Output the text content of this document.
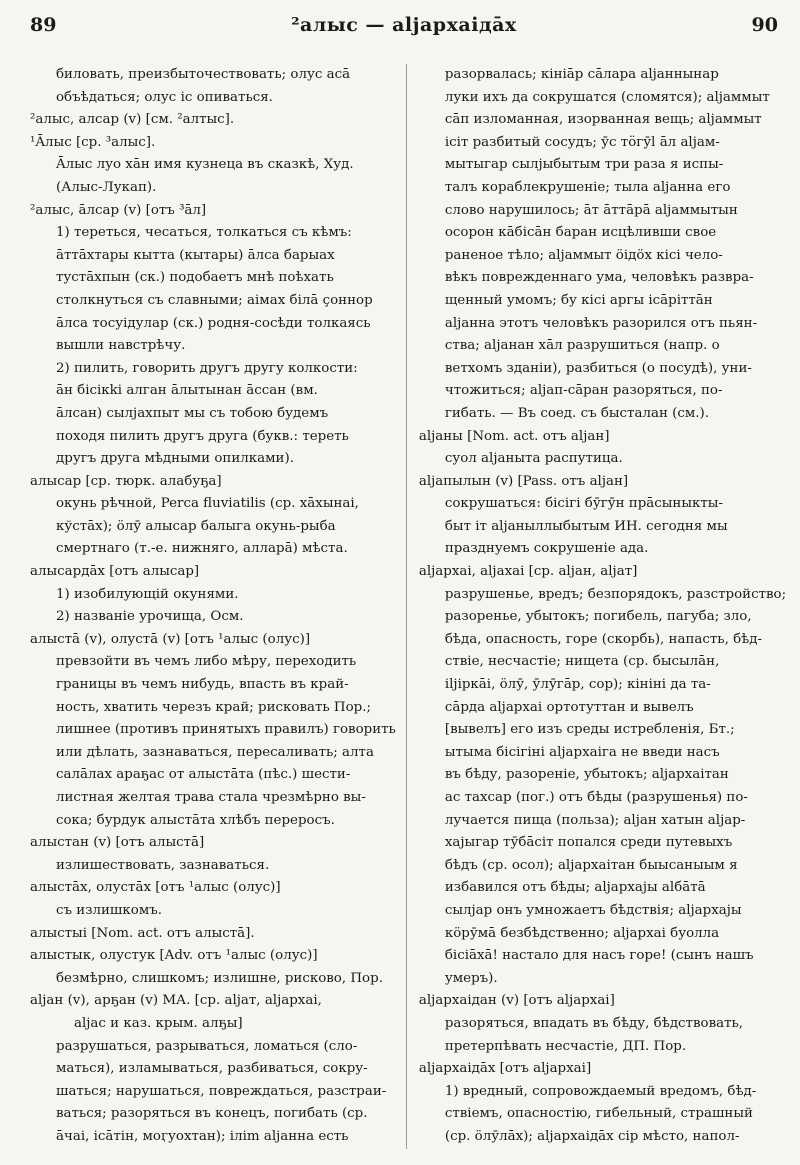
89	²алыс — аlјархаiдāх	90
биловать, преизбыточествовать; олус асā
объѣдаться; олус іс опиваться.
²алыс, алсар (v) [см. ²алтыс].
¹Āлыс [ср. ³алыс].
Āлыс луо хāн имя кузнеца въ сказкѣ, Худ.
(Алыс-Лукап).
²алыс, āлсар (v) [отъ ³āл]
1) тереться, чесаться, толкаться съ кѣмъ:
āттāхтары кытта (кытары) āлса барыах
тустāхпын (ск.) подобаетъ мнѣ поѣхать
столкнуться съ славными; аімах білā ҫоннор
āлса тосуідулар (ск.) родня-сосѣди толкаясь
вышли навстрѣчу.
2) пилить, говорить другъ другу колкости:
āн бісікkі алган āлытынан āссан (вм.
āлсан) сылјахпыт мы съ тобою будемъ
походя пилить другъ друга (букв.: тереть
другъ друга мѣдными опилками).
алысар [ср. тюрк. алабуҕа]
окунь рѣчной, Perca fluviatilis (ср. хāхынаі,
кўстāх); öлӯ алысар балыга окунь-рыба
смертнаго (т.-е. нижняго, алларā) мѣста.
алысардāх [отъ алысар]
1) изобилующій окунями.
2) названіе урочища, Осм.
алыстā (v), олустā (v) [отъ ¹алыс (олус)]
превзойти въ чемъ либо мѣру, переходить
границы въ чемъ нибудь, впасть въ край-
ность, хватить черезъ край; рисковать Пор.;
лишнее (противъ принятыхъ правилъ) говорить
или дѣлать, зазнаваться, пересаливать; алта
салāлах араҕас от алыстāта (пѣс.) шести-
листная желтая трава стала чрезмѣрно вы-
сока; бурдук алыстāта хлѣбъ переросъ.
алыстан (v) [отъ алыстā]
излишествовать, зазнаваться.
алыстāх, олустāх [отъ ¹алыс (олус)]
съ излишкомъ.
алыстыі [Nom. act. отъ алыстā].
алыстык, олустук [Adv. отъ ¹алыс (олус)]
безмѣрно, слишкомъ; излишне, рисково, Пор.
аlјан (v), арҕан (v) МА. [ср. аlјат, аlјархаі,
аlјас и каз. крым. алҕы]
разрушаться, разрываться, ломаться (сло-
маться), изламываться, разбиваться, сокру-
шаться; нарушаться, повреждаться, разстраи-
ваться; разоряться въ конецъ, погибать (ср.
āчаі, ісāтін, моӷуохтан); іліm аlјанна есть
разорвалась; кініāр сāлара аlјаннынар
луки ихъ да сокрушатся (сломятся); аlјаммыт
сāп изломанная, изорванная вещь; аlјаммыт
ісіт разбитый сосудъ; ӯс тӧгӯl āл аlјам-
мытыгар сылјыбытым три раза я испы-
талъ кораблекрушеніе; тыла аlјанна его
слово нарушилось; āт āттāрā аlјаммытын
осорон кāбісāн баран исцѣливши свое
раненое тѣло; аlјаммыт öідöх кісі чело-
вѣкъ поврежденнаго ума, человѣкъ развра-
щенный умомъ; бу кісі аргы ісāріттāн
аlјанна этотъ человѣкъ разорился отъ пьян-
ства; аlјанан хāл разрушиться (напр. о
ветхомъ зданіи), разбиться (о посудѣ), уни-
чтожиться; аlјап-сāран разоряться, по-
гибать. — Въ соед. съ бысталан (см.).
аlјаны [Nom. act. отъ аlјан]
суол аlјаныта распутица.
аlјапылын (v) [Pass. отъ аlјан]
сокрушаться: бісігі бӯгӯн прāсыныкты-
быт іт аlјаныллыбытым ИН. сегодня мы
празднуемъ сокрушеніе ада.
аlјархаі, аlјахаі [ср. аlјан, аlјат]
разрушенье, вредъ; безпорядокъ, разстройство;
разоренье, убытокъ; погибель, пагуба; зло,
бѣда, опасность, горе (скорбь), напасть, бѣд-
ствіе, несчастіе; нищета (ср. бысылāн,
іlјіркāі, öлӯ, ӯлӯгāр, сор); кініні да та-
сāрда аlјархаі ортотуттан и вывелъ
[вывелъ] его изъ среды истребленія, Бт.;
ытыма бісігіні аlјархаіга не введи насъ
въ бѣду, разореніе, убытокъ; аlјархаітан
ас тахсар (пог.) отъ бѣды (разрушенья) по-
лучается пища (польза); аlјан хатын аlјар-
хаjыгар тӯбāсіт попался среди путевыхъ
бѣдъ (ср. осол); аlјархаітан быысаныым я
избавился отъ бѣды; аlјархаjы аlбāтā
сылјар онъ умножаетъ бѣдствія; аlјархаjы
кöрӯмā безбѣдственно; аlјархаі буолла
бісіāхā! настало для насъ горе! (сынъ нашъ
умеръ).
аlјархаідан (v) [отъ аlјархаі]
разоряться, впадать въ бѣду, бѣдствовать,
претерпѣвать несчастіе, ДП. Пор.
аlјархаідāх [отъ аlјархаі]
1) вредный, сопровождаемый вредомъ, бѣд-
ствіемъ, опасностію, гибельный, страшный
(ср. öлӯлāх); аlјархаідāх сір мѣсто, напол-
